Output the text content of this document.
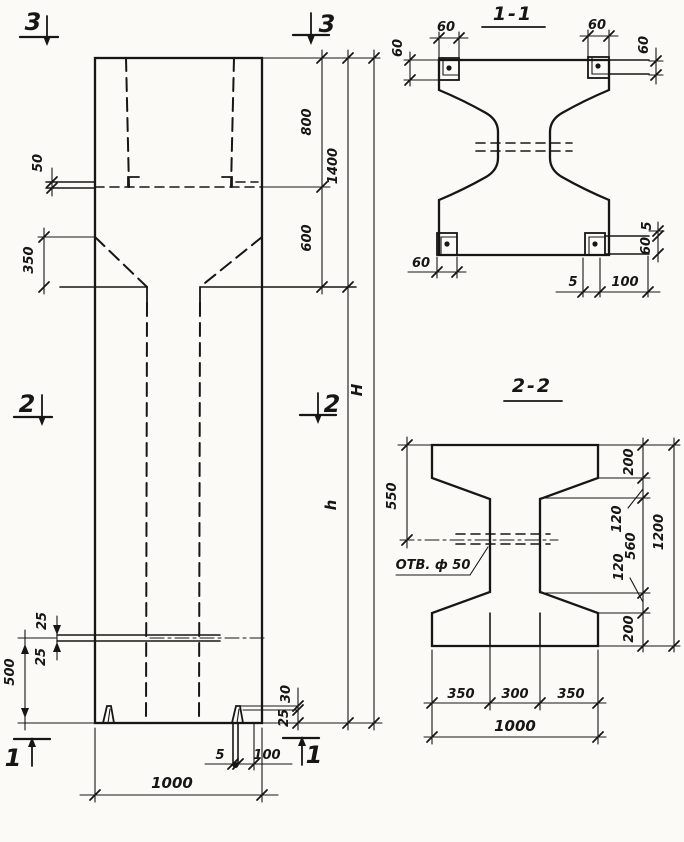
800
1400
600
50
350
25
25
500
30
25
5 100
1000
H
h
3	3
2	2
1	1
1-1
60
60
60
60
60
5	100
5
60
2-2
ОТВ. ф 50
550
200
120
560
120
200
1200
350 300 350
1000
